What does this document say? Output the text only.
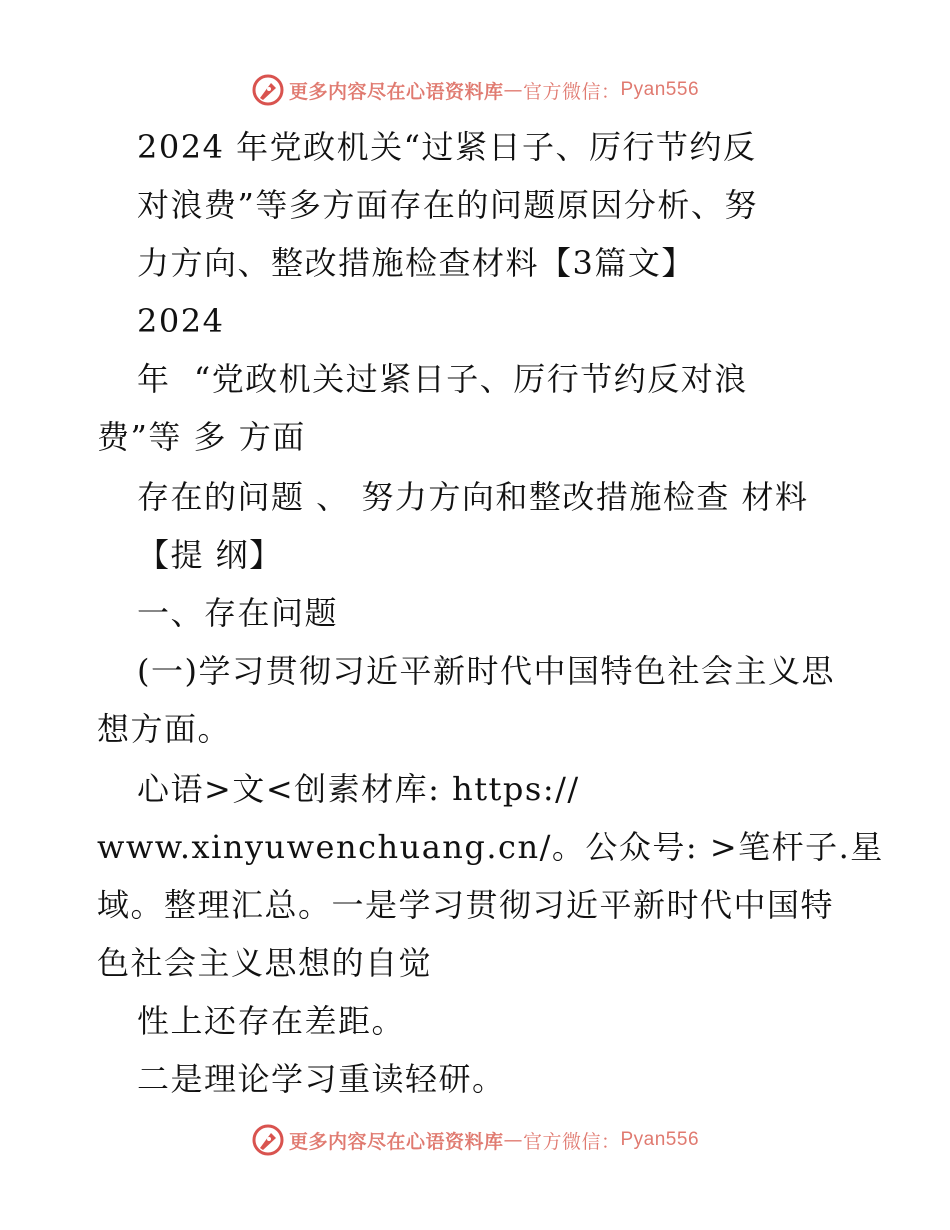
更多内容尽在心语资料库 — 官方微信： Pyan556
2024 年党政机关“过紧日子、厉行节约反
对浪费”等多方面存在的问题原因分析、努
力方向、整改措施检查材料【3篇文】
2024
年  “党政机关过紧日子、厉行节约反对浪
费”等 多 方面
存在的问题 、 努力方向和整改措施检查 材料
【提 纲】
一、存在问题
(一)学习贯彻习近平新时代中国特色社会主义思
想方面。
心语>文<创素材库: https://
www.xinyuwenchuang.cn/。公众号: >笔杆子.星
域。整理汇总。一是学习贯彻习近平新时代中国特
色社会主义思想的自觉
性上还存在差距。
二是理论学习重读轻研。
更多内容尽在心语资料库 — 官方微信： Pyan556
